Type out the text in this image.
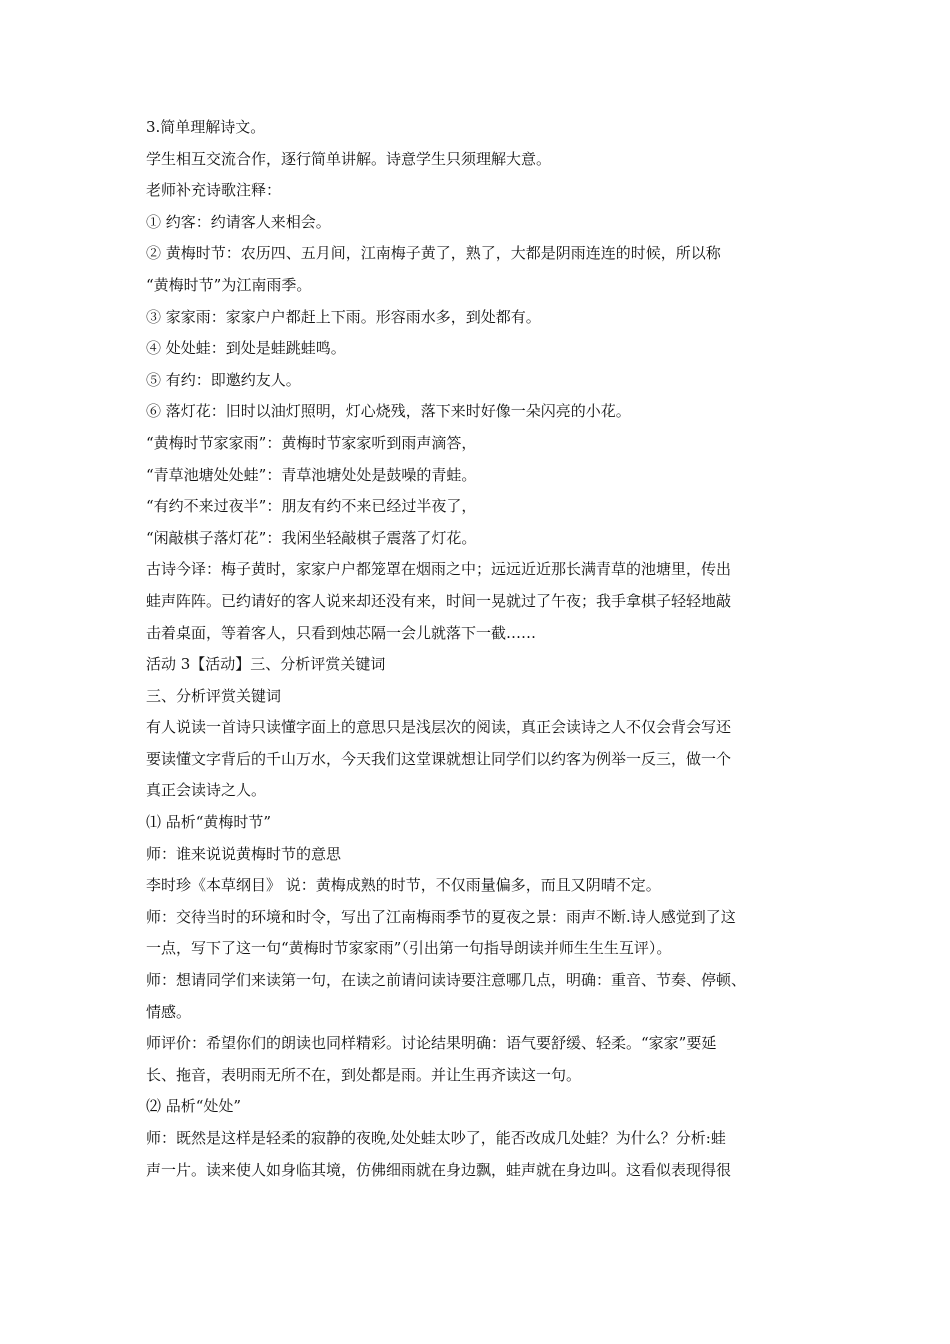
3.简单理解诗文。
学生相互交流合作，逐行简单讲解。诗意学生只须理解大意。
老师补充诗歌注释：
① 约客：约请客人来相会。
② 黄梅时节：农历四、五月间，江南梅子黄了，熟了，大都是阴雨连连的时候，所以称
“黄梅时节”为江南雨季。
③ 家家雨：家家户户都赶上下雨。形容雨水多，到处都有。
④ 处处蛙：到处是蛙跳蛙鸣。
⑤ 有约：即邀约友人。
⑥ 落灯花：旧时以油灯照明，灯心烧残，落下来时好像一朵闪亮的小花。
“黄梅时节家家雨”：黄梅时节家家听到雨声滴答，
“青草池塘处处蛙”：青草池塘处处是鼓噪的青蛙。
“有约不来过夜半”：朋友有约不来已经过半夜了，
“闲敲棋子落灯花”：我闲坐轻敲棋子震落了灯花。
古诗今译：梅子黄时，家家户户都笼罩在烟雨之中；远远近近那长满青草的池塘里，传出
蛙声阵阵。已约请好的客人说来却还没有来，时间一晃就过了午夜；我手拿棋子轻轻地敲
击着桌面，等着客人，只看到烛芯隔一会儿就落下一截……
活动 3【活动】三、分析评赏关键词
三、分析评赏关键词
有人说读一首诗只读懂字面上的意思只是浅层次的阅读，真正会读诗之人不仅会背会写还
要读懂文字背后的千山万水，今天我们这堂课就想让同学们以约客为例举一反三，做一个
真正会读诗之人。
⑴ 品析“黄梅时节”
师：谁来说说黄梅时节的意思
李时珍《本草纲目》 说：黄梅成熟的时节，不仅雨量偏多，而且又阴晴不定。
师：交待当时的环境和时令，写出了江南梅雨季节的夏夜之景：雨声不断.诗人感觉到了这
一点，写下了这一句“黄梅时节家家雨”（引出第一句指导朗读并师生生生互评）。
师：想请同学们来读第一句，在读之前请问读诗要注意哪几点，明确：重音、节奏、停顿、
情感。
师评价：希望你们的朗读也同样精彩。讨论结果明确：语气要舒缓、轻柔。“家家”要延
长、拖音，表明雨无所不在，到处都是雨。并让生再齐读这一句。
⑵ 品析“处处”
师：既然是这样是轻柔的寂静的夜晚,处处蛙太吵了，能否改成几处蛙？为什么？分析:蛙
声一片。读来使人如身临其境，仿佛细雨就在身边飘，蛙声就在身边叫。这看似表现得很
